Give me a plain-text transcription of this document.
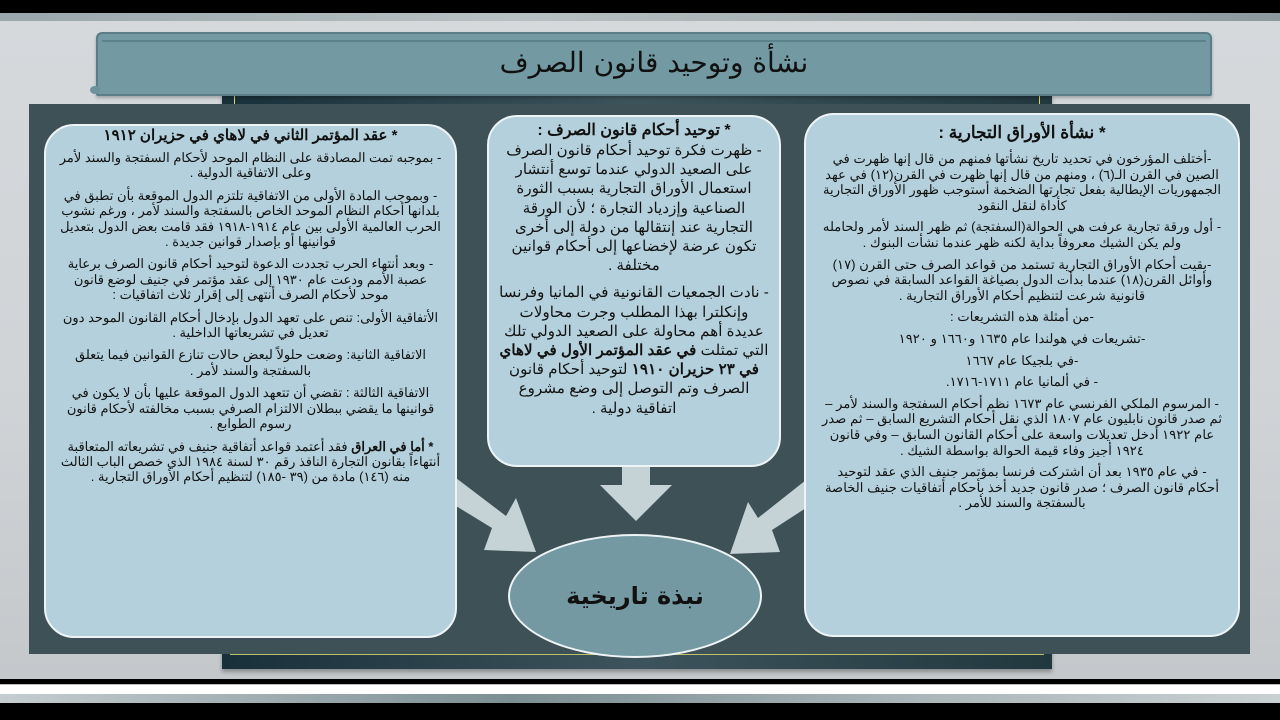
نشأة وتوحيد قانون الصرف
نبذة تاريخية
* نشأة الأوراق التجارية :

-أختلف المؤرخون في تحديد تاريخ نشأتها فمنهم من قال إنها ظهرت في الصين في القرن الـ(٦) ، ومنهم من قال إنها ظهرت في القرن(١٢) في عهد الجمهوريات الإيطالية بفعل تجارتها الضخمة أستوجب ظهور الأوراق التجارية كأداة لنقل النقود

- أول ورقة تجارية عرفت هي الحوالة(السفتجة) ثم ظهر السند لأمر ولحامله ولم يكن الشيك معروفاً بداية لكنه ظهر عندما نشأت البنوك .

-بقيت أحكام الأوراق التجارية تستمد من قواعد الصرف حتى القرن (١٧) وأوائل القرن(١٨) عندما بدأت الدول بصياغة القواعد السابقة في نصوص قانونية شرعت لتنظيم أحكام الأوراق التجارية .

-من أمثلة هذه التشريعات :

-تشريعات في هولندا عام ١٦٣٥ و١٦٦٠ و ١٩٢٠

-في بلجيكا عام ١٦٦٧

- في ألمانيا عام ١٧١١-١٧١٦.

- المرسوم الملكي الفرنسي عام ١٦٧٣ نظم أحكام السفتجة والسند لأمر – ثم صدر قانون نابليون عام ١٨٠٧ الذي نقل أحكام التشريع السابق – ثم صدر عام ١٩٢٢ أدخل تعديلات واسعة على أحكام القانون السابق – وفي قانون ١٩٢٤ أجيز وفاء قيمة الحوالة بواسطة الشيك .

- في عام ١٩٣٥ بعد أن اشتركت فرنسا بمؤتمر جنيف الذي عقد لتوحيد أحكام قانون الصرف ؛ صدر قانون جديد أخذ بأحكام أتفاقيات جنيف الخاصة بالسفتجة والسند للأمر .

* توحيد أحكام قانون الصرف :

- ظهرت فكرة توحيد أحكام قانون الصرف على الصعيد الدولي عندما توسع أنتشار استعمال الأوراق التجارية بسبب الثورة الصناعية وإزدياد التجارة ؛ لأن الورقة التجارية عند إنتقالها من دولة إلى أخرى تكون عرضة لإخضاعها إلى أحكام قوانين مختلفة .

- نادت الجمعيات القانونية في المانيا وفرنسا وإنكلترا بهذا المطلب وجرت محاولات عديدة أهم محاولة على الصعيد الدولي تلك التي تمثلت في عقد المؤتمر الأول في لاهاي في ٢٣ حزيران ١٩١٠ لتوحيد أحكام قانون الصرف وتم التوصل إلى وضع مشروع اتفاقية دولية .

* عقد المؤتمر الثاني في لاهاي في حزيران ١٩١٢

- بموجبه تمت المصادقة على النظام الموحد لأحكام السفتجة والسند لأمر وعلى الاتفاقية الدولية .

- وبموجب المادة الأولى من الاتفاقية تلتزم الدول الموقعة بأن تطبق في بلدانها أحكام النظام الموحد الخاص بالسفتجة والسند لأمر ، ورغم نشوب الحرب العالمية الأولى بين عام ١٩١٤-١٩١٨ فقد قامت بعض الدول بتعديل قوانينها أو بإصدار قوانين جديدة .

- وبعد أنتهاء الحرب تجددت الدعوة لتوحيد أحكام قانون الصرف برعاية عصبة الأمم ودعت عام ١٩٣٠ إلى عقد مؤتمر في جنيف لوضع قانون موحد لأحكام الصرف أنتهى إلى إقرار ثلاث اتفاقيات :

الأتفاقية الأولى: تنص على تعهد الدول بإدخال أحكام القانون الموحد دون تعديل في تشريعاتها الداخلية .

الاتفاقية الثانية: وضعت حلولاً لبعض حالات تنازع القوانين فيما يتعلق بالسفتجة والسند لأمر .

الاتفاقية الثالثة : تقضي أن تتعهد الدول الموقعة عليها بأن لا يكون في قوانينها ما يقضي ببطلان الالتزام الصرفي بسبب مخالفته لأحكام قانون رسوم الطوابع .

* أما في العراق فقد أعتمد قواعد أتفاقية جنيف في تشريعاته المتعاقبة أنتهاءاً بقانون التجارة النافذ رقم ٣٠ لسنة ١٩٨٤ الذي خصص الباب الثالث منه (١٤٦) مادة من (٣٩ -١٨٥) لتنظيم أحكام الأوراق التجارية .
